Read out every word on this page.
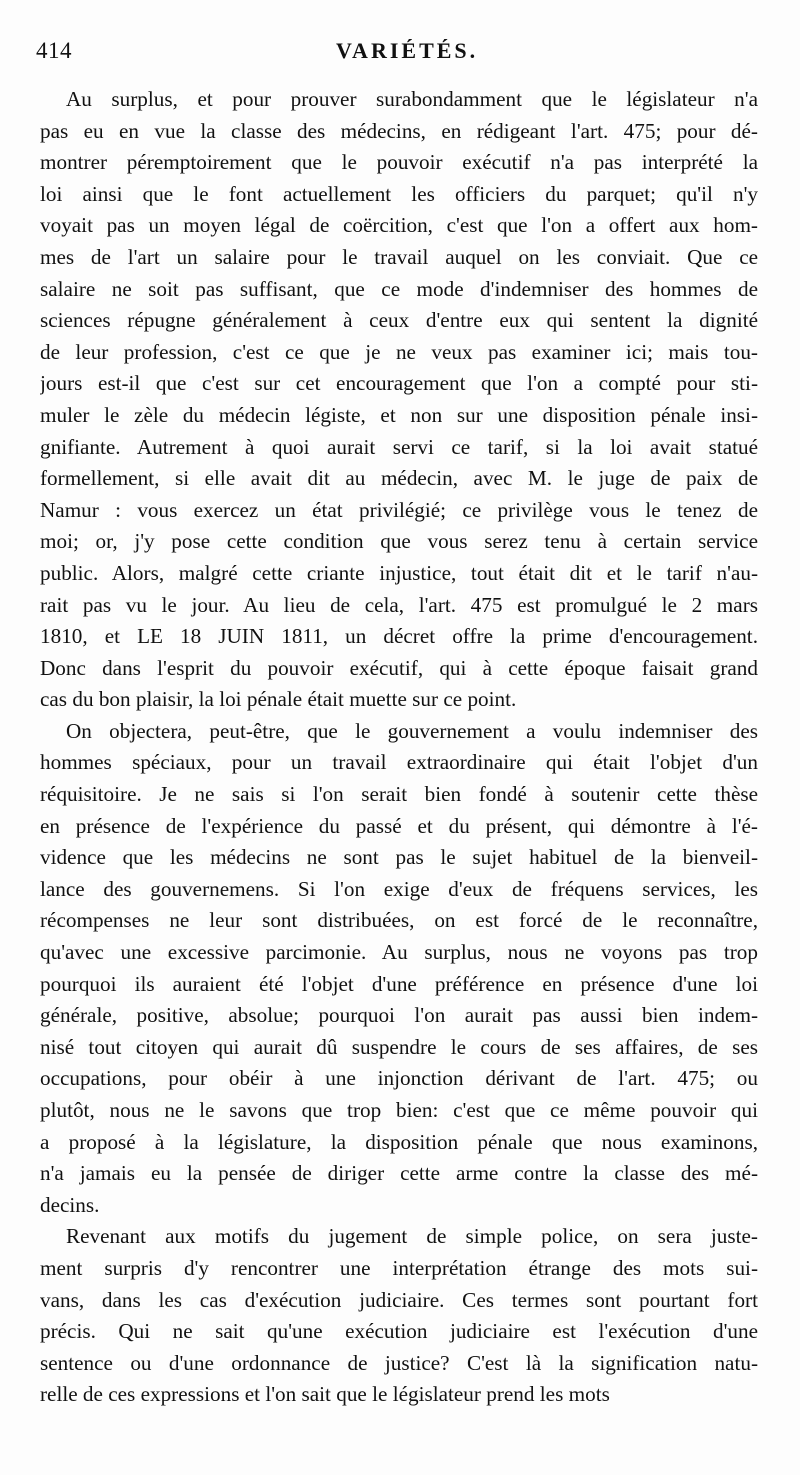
414	VARIÉTÉS.
Au surplus, et pour prouver surabondamment que le législateur n'a
pas eu en vue la classe des médecins, en rédigeant l'art. 475; pour dé-
montrer péremptoirement que le pouvoir exécutif n'a pas interprété la
loi ainsi que le font actuellement les officiers du parquet; qu'il n'y
voyait pas un moyen légal de coërcition, c'est que l'on a offert aux hom-
mes de l'art un salaire pour le travail auquel on les conviait. Que ce
salaire ne soit pas suffisant, que ce mode d'indemniser des hommes de
sciences répugne généralement à ceux d'entre eux qui sentent la dignité
de leur profession, c'est ce que je ne veux pas examiner ici; mais tou-
jours est-il que c'est sur cet encouragement que l'on a compté pour sti-
muler le zèle du médecin légiste, et non sur une disposition pénale insi-
gnifiante. Autrement à quoi aurait servi ce tarif, si la loi avait statué
formellement, si elle avait dit au médecin, avec M. le juge de paix de
Namur : vous exercez un état privilégié; ce privilège vous le tenez de
moi; or, j'y pose cette condition que vous serez tenu à certain service
public. Alors, malgré cette criante injustice, tout était dit et le tarif n'au-
rait pas vu le jour. Au lieu de cela, l'art. 475 est promulgué le 2 mars
1810, et LE 18 JUIN 1811, un décret offre la prime d'encouragement.
Donc dans l'esprit du pouvoir exécutif, qui à cette époque faisait grand
cas du bon plaisir, la loi pénale était muette sur ce point.
On objectera, peut-être, que le gouvernement a voulu indemniser des
hommes spéciaux, pour un travail extraordinaire qui était l'objet d'un
réquisitoire. Je ne sais si l'on serait bien fondé à soutenir cette thèse
en présence de l'expérience du passé et du présent, qui démontre à l'é-
vidence que les médecins ne sont pas le sujet habituel de la bienveil-
lance des gouvernemens. Si l'on exige d'eux de fréquens services, les
récompenses ne leur sont distribuées, on est forcé de le reconnaître,
qu'avec une excessive parcimonie. Au surplus, nous ne voyons pas trop
pourquoi ils auraient été l'objet d'une préférence en présence d'une loi
générale, positive, absolue; pourquoi l'on aurait pas aussi bien indem-
nisé tout citoyen qui aurait dû suspendre le cours de ses affaires, de ses
occupations, pour obéir à une injonction dérivant de l'art. 475; ou
plutôt, nous ne le savons que trop bien: c'est que ce même pouvoir qui
a proposé à la législature, la disposition pénale que nous examinons,
n'a jamais eu la pensée de diriger cette arme contre la classe des mé-
decins.
Revenant aux motifs du jugement de simple police, on sera juste-
ment surpris d'y rencontrer une interprétation étrange des mots sui-
vans, dans les cas d'exécution judiciaire. Ces termes sont pourtant fort
précis. Qui ne sait qu'une exécution judiciaire est l'exécution d'une
sentence ou d'une ordonnance de justice? C'est là la signification natu-
relle de ces expressions et l'on sait que le législateur prend les mots
